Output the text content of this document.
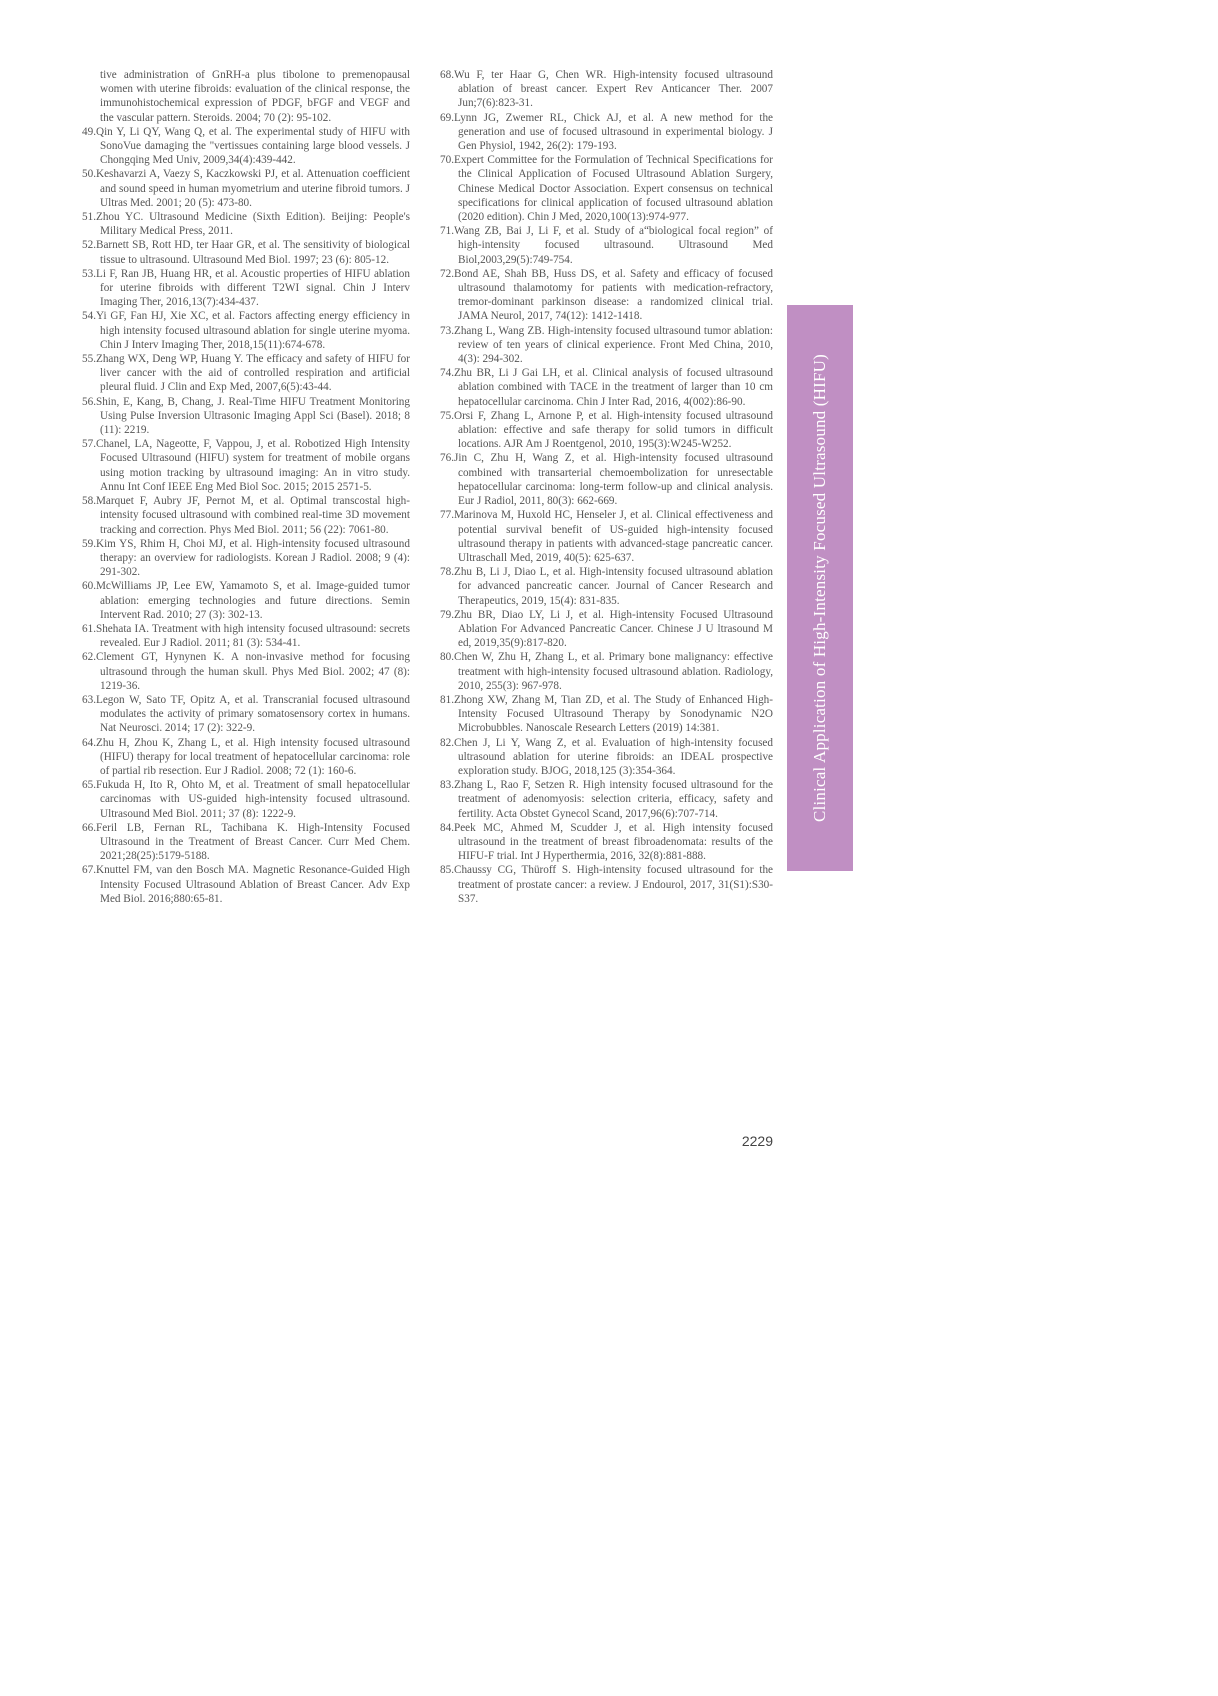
tive administration of GnRH-a plus tibolone to premenopausal women with uterine fibroids: evaluation of the clinical response, the immunohistochemical expression of PDGF, bFGF and VEGF and the vascular pattern. Steroids. 2004; 70 (2): 95-102.

49.Qin Y, Li QY, Wang Q, et al. The experimental study of HIFU with SonoVue damaging the "vertissues containing large blood vessels. J Chongqing Med Univ, 2009,34(4):439-442.

50.Keshavarzi A, Vaezy S, Kaczkowski PJ, et al. Attenuation coefficient and sound speed in human myometrium and uterine fibroid tumors. J Ultras Med. 2001; 20 (5): 473-80.

51.Zhou YC. Ultrasound Medicine (Sixth Edition). Beijing: People's Military Medical Press, 2011.

52.Barnett SB, Rott HD, ter Haar GR, et al. The sensitivity of biological tissue to ultrasound. Ultrasound Med Biol. 1997; 23 (6): 805-12.

53.Li F, Ran JB, Huang HR, et al. Acoustic properties of HIFU ablation for uterine fibroids with different T2WI signal. Chin J Interv Imaging Ther, 2016,13(7):434-437.

54.Yi GF, Fan HJ, Xie XC, et al. Factors affecting energy efficiency in high intensity focused ultrasound ablation for single uterine myoma. Chin J Interv Imaging Ther, 2018,15(11):674-678.

55.Zhang WX, Deng WP, Huang Y. The efficacy and safety of HIFU for liver cancer with the aid of controlled respiration and artificial pleural fluid. J Clin and Exp Med, 2007,6(5):43-44.

56.Shin, E, Kang, B, Chang, J. Real-Time HIFU Treatment Monitoring Using Pulse Inversion Ultrasonic Imaging Appl Sci (Basel). 2018; 8 (11): 2219.

57.Chanel, LA, Nageotte, F, Vappou, J, et al. Robotized High Intensity Focused Ultrasound (HIFU) system for treatment of mobile organs using motion tracking by ultrasound imaging: An in vitro study. Annu Int Conf IEEE Eng Med Biol Soc. 2015; 2015 2571-5.

58.Marquet F, Aubry JF, Pernot M, et al. Optimal transcostal high-intensity focused ultrasound with combined real-time 3D movement tracking and correction. Phys Med Biol. 2011; 56 (22): 7061-80.

59.Kim YS, Rhim H, Choi MJ, et al. High-intensity focused ultrasound therapy: an overview for radiologists. Korean J Radiol. 2008; 9 (4): 291-302.

60.McWilliams JP, Lee EW, Yamamoto S, et al. Image-guided tumor ablation: emerging technologies and future directions. Semin Intervent Rad. 2010; 27 (3): 302-13.

61.Shehata IA. Treatment with high intensity focused ultrasound: secrets revealed. Eur J Radiol. 2011; 81 (3): 534-41.

62.Clement GT, Hynynen K. A non-invasive method for focusing ultrasound through the human skull. Phys Med Biol. 2002; 47 (8): 1219-36.

63.Legon W, Sato TF, Opitz A, et al. Transcranial focused ultrasound modulates the activity of primary somatosensory cortex in humans. Nat Neurosci. 2014; 17 (2): 322-9.

64.Zhu H, Zhou K, Zhang L, et al. High intensity focused ultrasound (HIFU) therapy for local treatment of hepatocellular carcinoma: role of partial rib resection. Eur J Radiol. 2008; 72 (1): 160-6.

65.Fukuda H, Ito R, Ohto M, et al. Treatment of small hepatocellular carcinomas with US-guided high-intensity focused ultrasound. Ultrasound Med Biol. 2011; 37 (8): 1222-9.

66.Feril LB, Fernan RL, Tachibana K. High-Intensity Focused Ultrasound in the Treatment of Breast Cancer. Curr Med Chem. 2021;28(25):5179-5188.

67.Knuttel FM, van den Bosch MA. Magnetic Resonance-Guided High Intensity Focused Ultrasound Ablation of Breast Cancer. Adv Exp Med Biol. 2016;880:65-81.

68.Wu F, ter Haar G, Chen WR. High-intensity focused ultrasound ablation of breast cancer. Expert Rev Anticancer Ther. 2007 Jun;7(6):823-31.

69.Lynn JG, Zwemer RL, Chick AJ, et al. A new method for the generation and use of focused ultrasound in experimental biology. J Gen Physiol, 1942, 26(2): 179-193.

70.Expert Committee for the Formulation of Technical Specifications for the Clinical Application of Focused Ultrasound Ablation Surgery, Chinese Medical Doctor Association. Expert consensus on technical specifications for clinical application of focused ultrasound ablation (2020 edition). Chin J Med, 2020,100(13):974-977.

71.Wang ZB, Bai J, Li F, et al. Study of a“biological focal region” of high-intensity focused ultrasound. Ultrasound Med Biol,2003,29(5):749-754.

72.Bond AE, Shah BB, Huss DS, et al. Safety and efficacy of focused ultrasound thalamotomy for patients with medication-refractory, tremor-dominant parkinson disease: a randomized clinical trial. JAMA Neurol, 2017, 74(12): 1412-1418.

73.Zhang L, Wang ZB. High-intensity focused ultrasound tumor ablation: review of ten years of clinical experience. Front Med China, 2010, 4(3): 294-302.

74.Zhu BR, Li J Gai LH, et al. Clinical analysis of focused ultrasound ablation combined with TACE in the treatment of larger than 10 cm hepatocellular carcinoma. Chin J Inter Rad, 2016, 4(002):86-90.

75.Orsi F, Zhang L, Arnone P, et al. High-intensity focused ultrasound ablation: effective and safe therapy for solid tumors in difficult locations. AJR Am J Roentgenol, 2010, 195(3):W245-W252.

76.Jin C, Zhu H, Wang Z, et al. High-intensity focused ultrasound combined with transarterial chemoembolization for unresectable hepatocellular carcinoma: long-term follow-up and clinical analysis. Eur J Radiol, 2011, 80(3): 662-669.

77.Marinova M, Huxold HC, Henseler J, et al. Clinical effectiveness and potential survival benefit of US-guided high-intensity focused ultrasound therapy in patients with advanced-stage pancreatic cancer. Ultraschall Med, 2019, 40(5): 625-637.

78.Zhu B, Li J, Diao L, et al. High-intensity focused ultrasound ablation for advanced pancreatic cancer. Journal of Cancer Research and Therapeutics, 2019, 15(4): 831-835.

79.Zhu BR, Diao LY, Li J, et al. High-intensity Focused Ultrasound Ablation For Advanced Pancreatic Cancer. Chinese J U ltrasound M ed, 2019,35(9):817-820.

80.Chen W, Zhu H, Zhang L, et al. Primary bone malignancy: effective treatment with high-intensity focused ultrasound ablation. Radiology, 2010, 255(3): 967-978.

81.Zhong XW, Zhang M, Tian ZD, et al. The Study of Enhanced High-Intensity Focused Ultrasound Therapy by Sonodynamic N2O Microbubbles. Nanoscale Research Letters (2019) 14:381.

82.Chen J, Li Y, Wang Z, et al. Evaluation of high-intensity focused ultrasound ablation for uterine fibroids: an IDEAL prospective exploration study. BJOG, 2018,125 (3):354-364.

83.Zhang L, Rao F, Setzen R. High intensity focused ultrasound for the treatment of adenomyosis: selection criteria, efficacy, safety and fertility. Acta Obstet Gynecol Scand, 2017,96(6):707-714.

84.Peek MC, Ahmed M, Scudder J, et al. High intensity focused ultrasound in the treatment of breast fibroadenomata: results of the HIFU-F trial. Int J Hyperthermia, 2016, 32(8):881-888.

85.Chaussy CG, Thüroff S. High-intensity focused ultrasound for the treatment of prostate cancer: a review. J Endourol, 2017, 31(S1):S30-S37.

Clinical Application of High-Intensity Focused Ultrasound (HIFU)
2229
